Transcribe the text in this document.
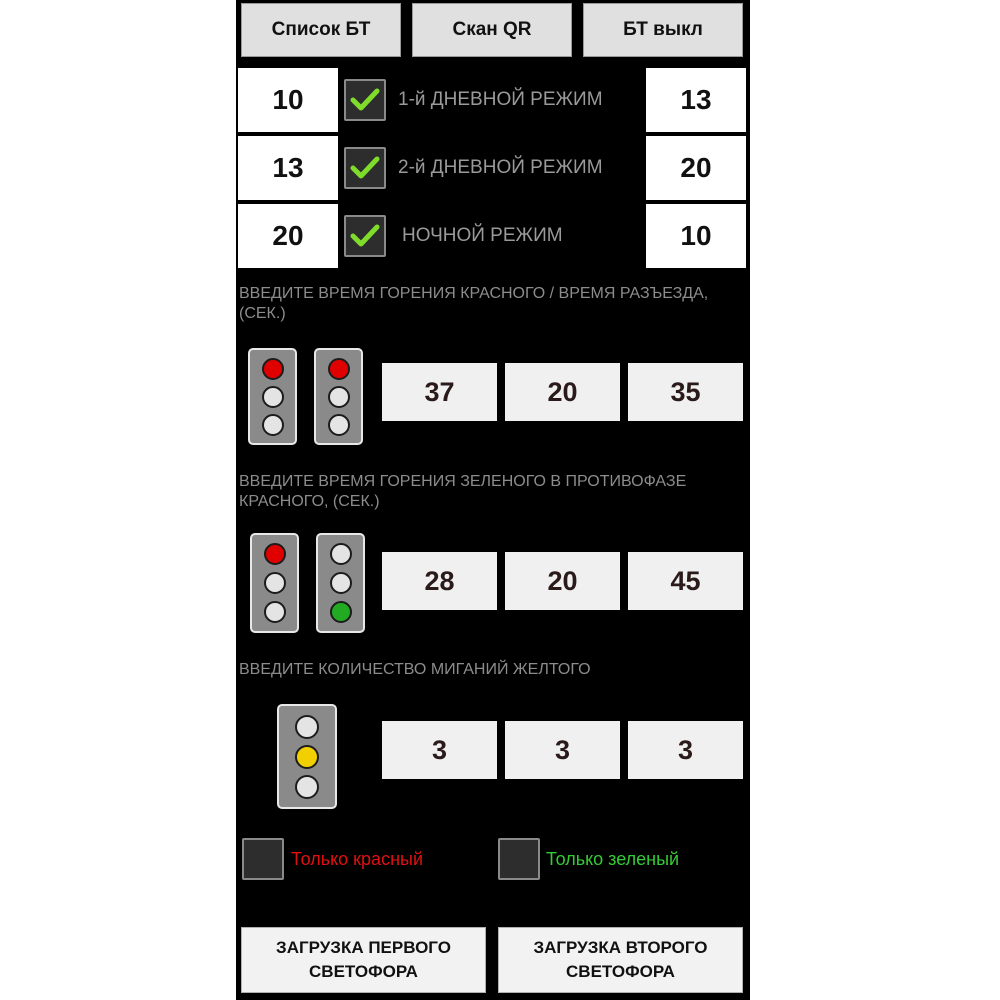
Список БТ	Скан QR	БТ выкл
10	1-й ДНЕВНОЙ РЕЖИМ	13
13	2-й ДНЕВНОЙ РЕЖИМ	20
20	НОЧНОЙ РЕЖИМ	10
ВВЕДИТЕ ВРЕМЯ ГОРЕНИЯ КРАСНОГО / ВРЕМЯ РАЗЪЕЗДА, (СЕК.)
37	20	35
ВВЕДИТЕ ВРЕМЯ ГОРЕНИЯ ЗЕЛЕНОГО В ПРОТИВОФАЗЕ КРАСНОГО, (СЕК.)
28	20	45
ВВЕДИТЕ КОЛИЧЕСТВО МИГАНИЙ ЖЕЛТОГО
3	3	3
Только красный	Только зеленый
ЗАГРУЗКА ПЕРВОГО
СВЕТОФОРА
ЗАГРУЗКА ВТОРОГО
СВЕТОФОРА
